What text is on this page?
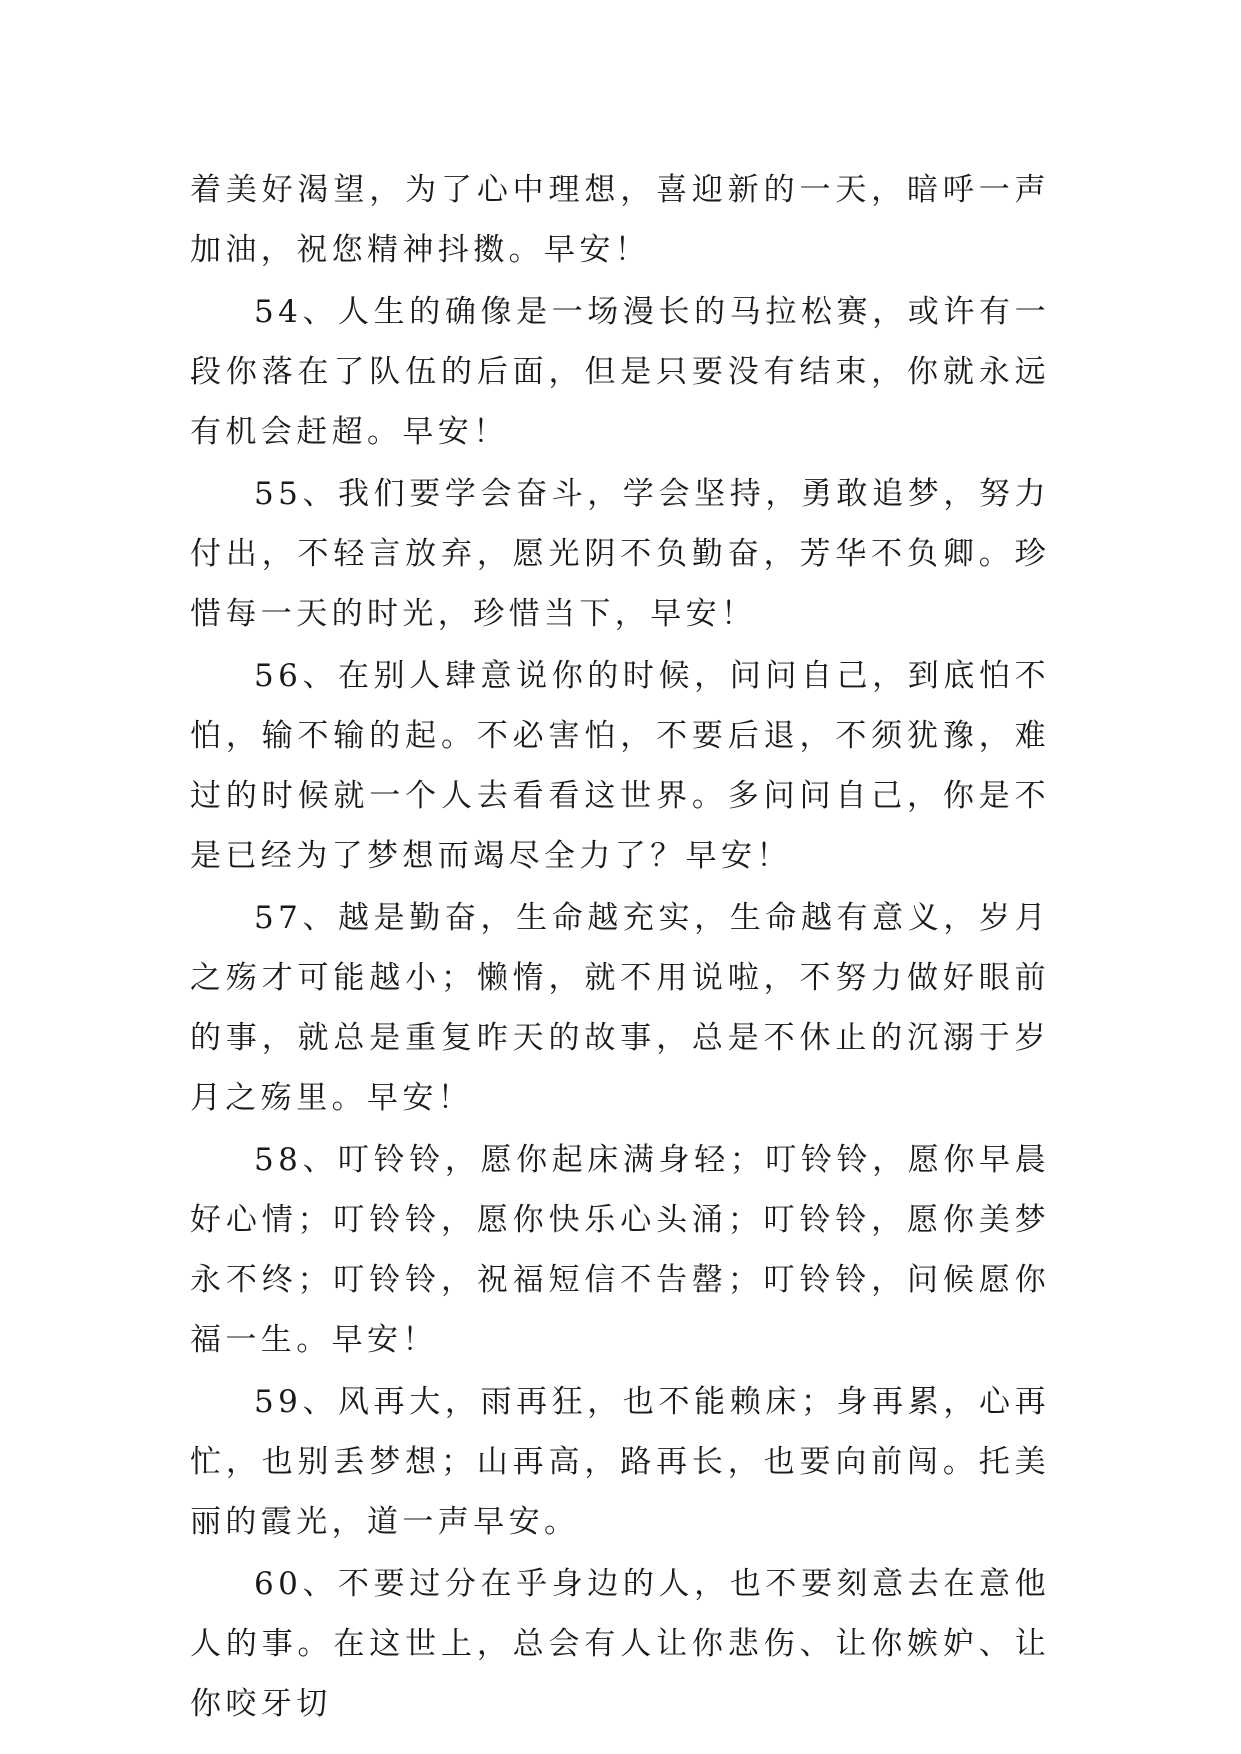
着美好渴望，为了心中理想，喜迎新的一天，暗呼一声加油，祝您精神抖擞。早安！

54、人生的确像是一场漫长的马拉松赛，或许有一段你落在了队伍的后面，但是只要没有结束，你就永远有机会赶超。早安！

55、我们要学会奋斗，学会坚持，勇敢追梦，努力付出，不轻言放弃，愿光阴不负勤奋，芳华不负卿。珍惜每一天的时光，珍惜当下，早安！

56、在别人肆意说你的时候，问问自己，到底怕不怕，输不输的起。不必害怕，不要后退，不须犹豫，难过的时候就一个人去看看这世界。多问问自己，你是不是已经为了梦想而竭尽全力了？早安！

57、越是勤奋，生命越充实，生命越有意义，岁月之殇才可能越小；懒惰，就不用说啦，不努力做好眼前的事，就总是重复昨天的故事，总是不休止的沉溺于岁月之殇里。早安！

58、叮铃铃，愿你起床满身轻；叮铃铃，愿你早晨好心情；叮铃铃，愿你快乐心头涌；叮铃铃，愿你美梦永不终；叮铃铃，祝福短信不告罄；叮铃铃，问候愿你福一生。早安！

59、风再大，雨再狂，也不能赖床；身再累，心再忙，也别丢梦想；山再高，路再长，也要向前闯。托美丽的霞光，道一声早安。

60、不要过分在乎身边的人，也不要刻意去在意他人的事。在这世上，总会有人让你悲伤、让你嫉妒、让你咬牙切
